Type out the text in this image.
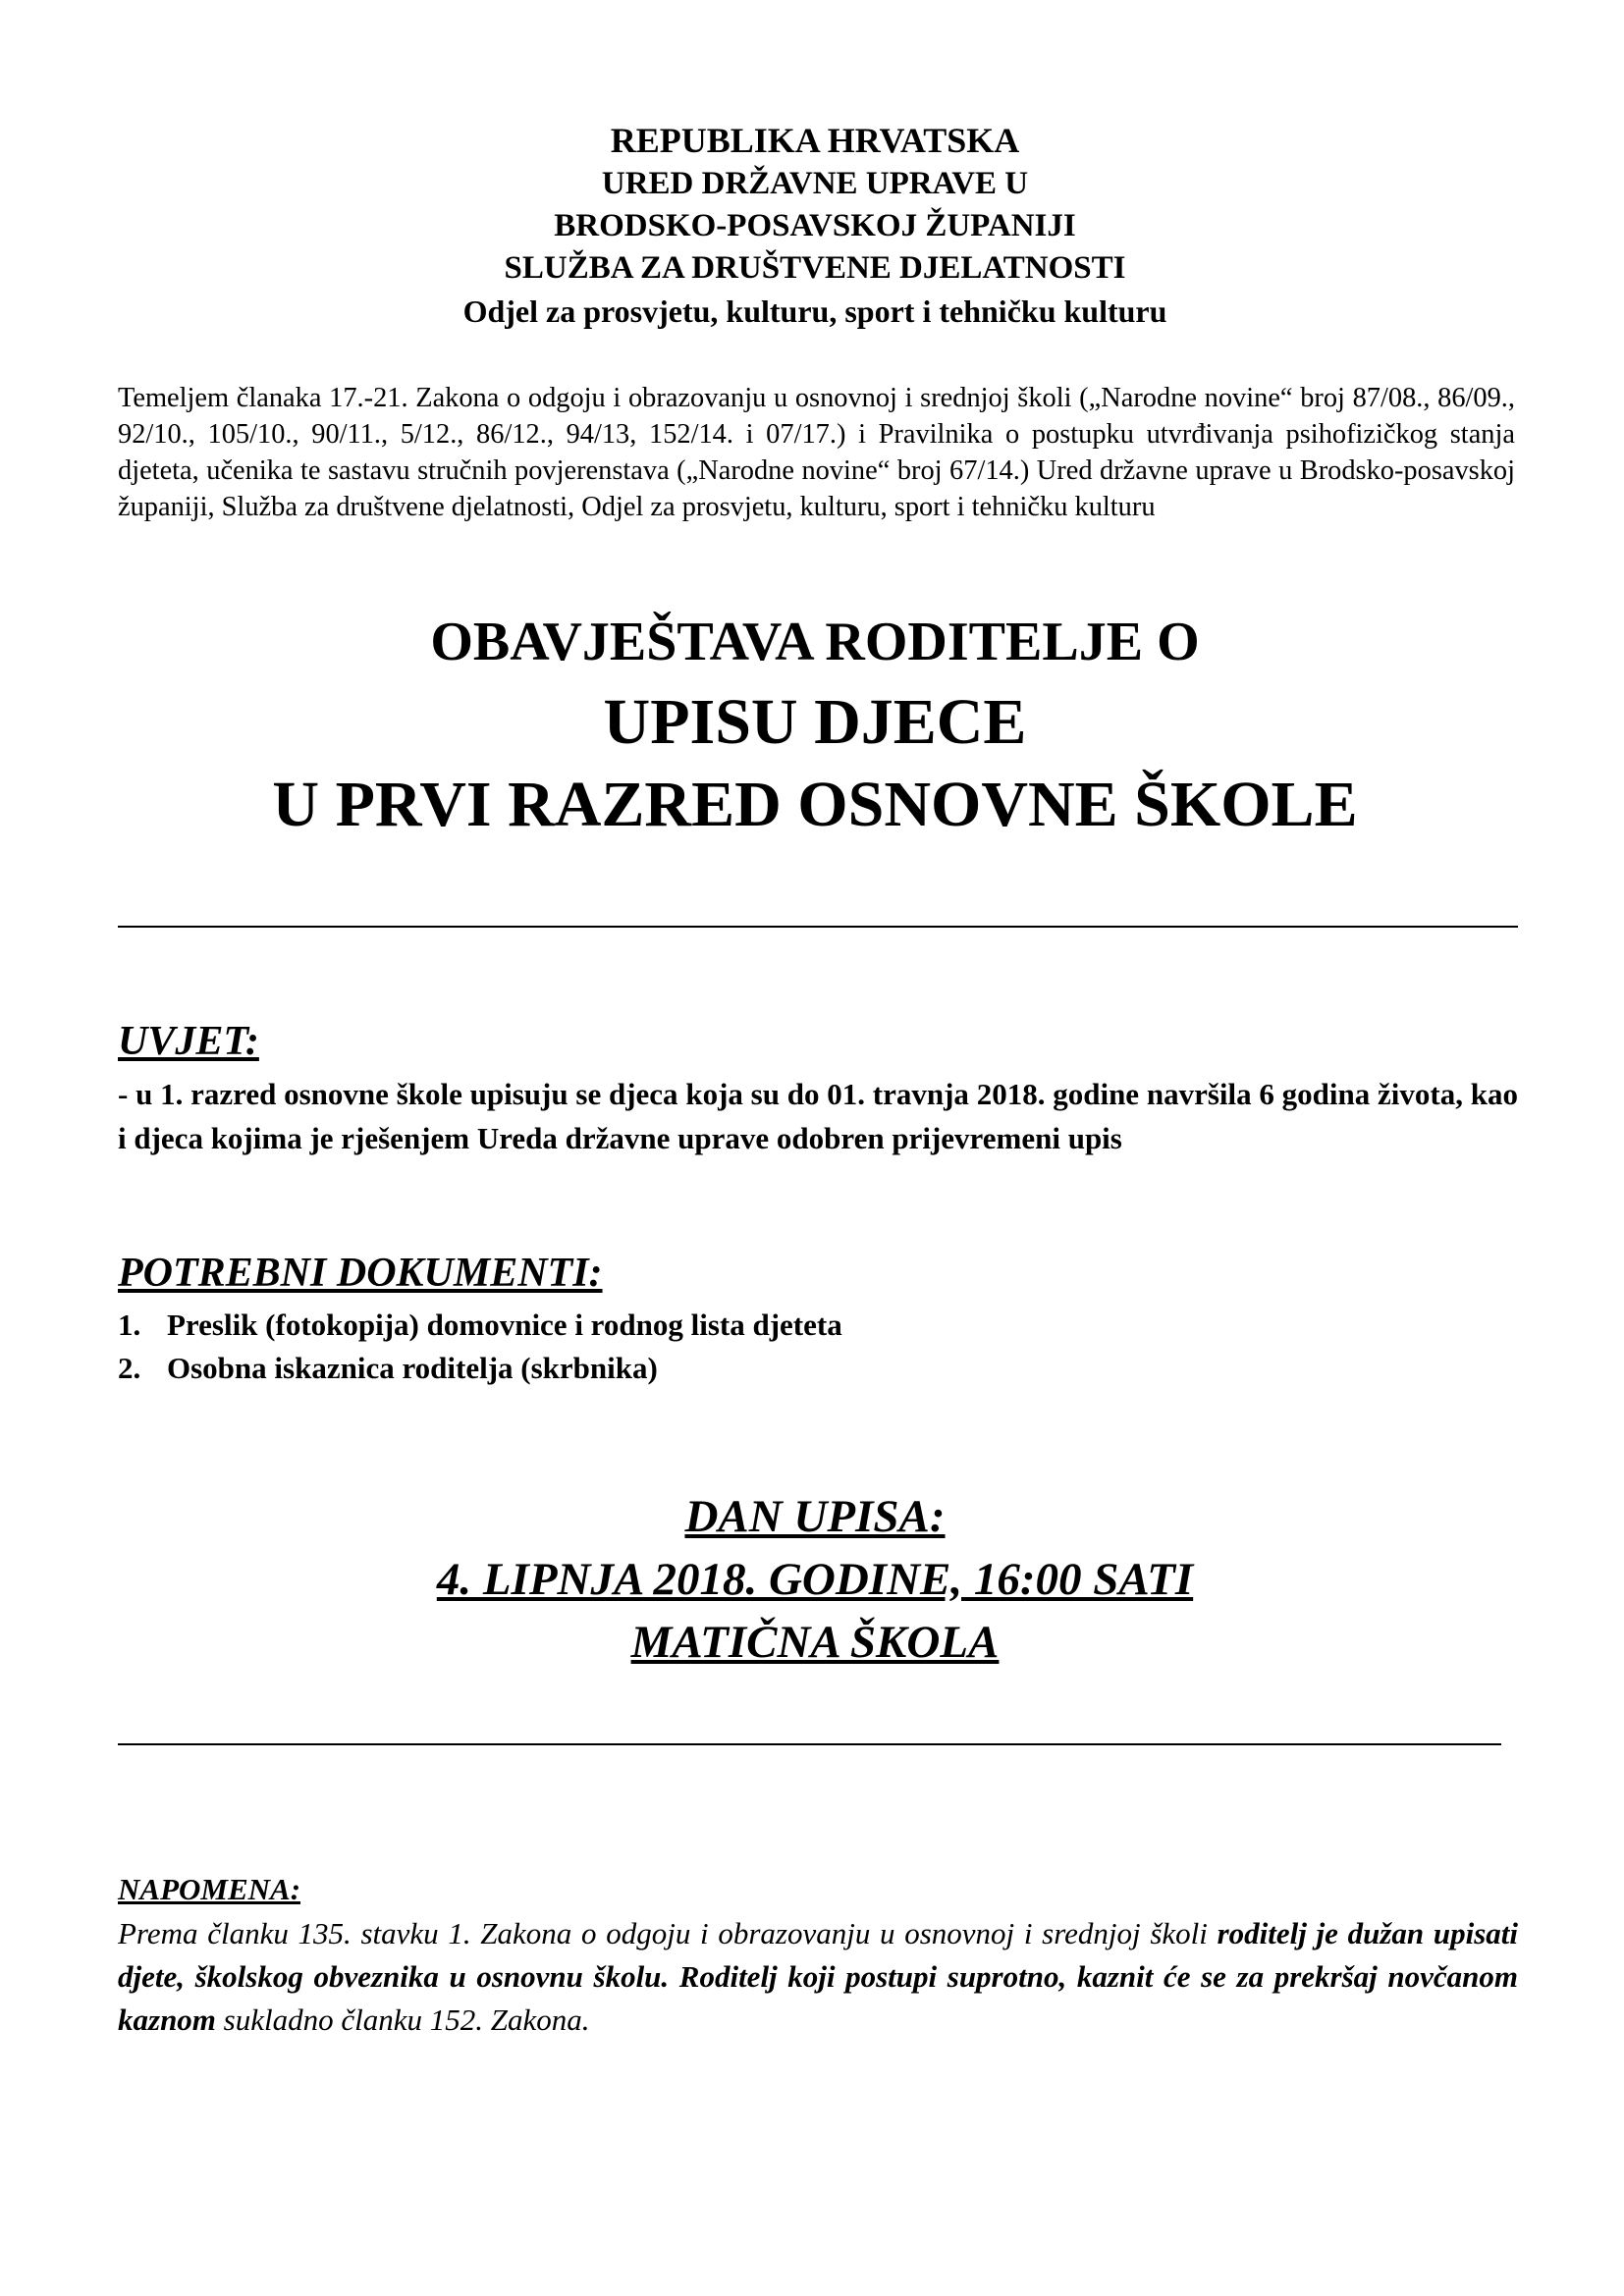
REPUBLIKA HRVATSKA
URED DRŽAVNE UPRAVE U
BRODSKO-POSAVSKOJ ŽUPANIJI
SLUŽBA ZA DRUŠTVENE DJELATNOSTI
Odjel za prosvjetu, kulturu, sport i tehničku kulturu
Temeljem članaka 17.-21. Zakona o odgoju i obrazovanju u osnovnoj i srednjoj školi („Narodne novine“ broj 87/08., 86/09., 92/10., 105/10., 90/11., 5/12., 86/12., 94/13, 152/14. i 07/17.) i Pravilnika o postupku utvrđivanja psihofizičkog stanja djeteta, učenika te sastavu stručnih povjerenstava („Narodne novine“ broj 67/14.) Ured državne uprave u Brodsko-posavskoj županiji, Služba za društvene djelatnosti, Odjel za prosvjetu, kulturu, sport i tehničku kulturu
OBAVJEŠTAVA RODITELJE O
UPISU DJECE
U PRVI RAZRED OSNOVNE ŠKOLE
UVJET:
- u 1. razred osnovne škole upisuju se djeca koja su do 01. travnja 2018. godine navršila 6 godina života, kao i djeca kojima je rješenjem Ureda državne uprave odobren prijevremeni upis
POTREBNI DOKUMENTI:
1. Preslik (fotokopija) domovnice i rodnog lista djeteta
2. Osobna iskaznica roditelja (skrbnika)
DAN UPISA:
4. LIPNJA 2018. GODINE, 16:00 SATI
MATIČNA ŠKOLA
NAPOMENA:
Prema članku 135. stavku 1. Zakona o odgoju i obrazovanju u osnovnoj i srednjoj školi roditelj je dužan upisati djete, školskog obveznika u osnovnu školu. Roditelj koji postupi suprotno, kaznit će se za prekršaj novčanom kaznom sukladno članku 152. Zakona.
